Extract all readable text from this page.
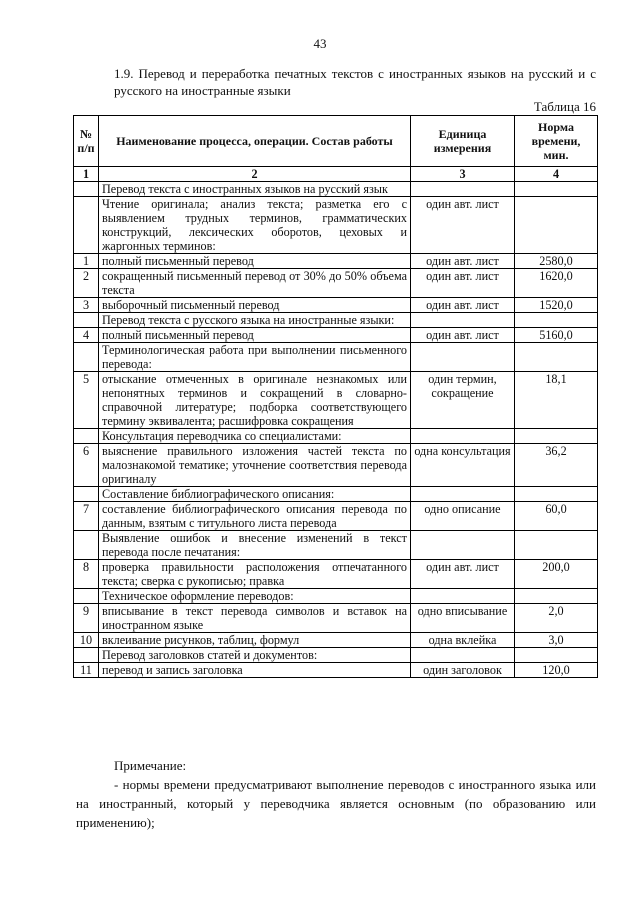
43
1.9. Перевод и переработка печатных текстов с иностранных языков на русский и с русского на иностранные языки
Таблица 16
№ п/п	Наименование процесса, операции. Состав работы	Единица измерения	Норма времени, мин.
1	2	3	4
	Перевод текста с иностранных языков на русский язык		
	Чтение оригинала; анализ текста; разметка его с выявлением трудных терминов, грамматических конструкций, лексических оборотов, цеховых и жаргонных терминов:	один авт. лист	
1	полный письменный перевод	один авт. лист	2580,0
2	сокращенный письменный перевод от 30% до 50% объема текста	один авт. лист	1620,0
3	выборочный письменный перевод	один авт. лист	1520,0
	Перевод текста с русского языка на иностранные языки:		
4	полный письменный перевод	один авт. лист	5160,0
	Терминологическая работа при выполнении письменного перевода:		
5	отыскание отмеченных в оригинале незнакомых или непонятных терминов и сокращений в словарно-справочной литературе; подборка соответствующего термину эквивалента; расшифровка сокращения	один термин, сокращение	18,1
	Консультация переводчика со специалистами:		
6	выяснение правильного изложения частей текста по малознакомой тематике; уточнение соответствия перевода оригиналу	одна консультация	36,2
	Составление библиографического описания:		
7	составление библиографического описания перевода по данным, взятым с титульного листа перевода	одно описание	60,0
	Выявление ошибок и внесение изменений в текст перевода после печатания:		
8	проверка правильности расположения отпечатанного текста; сверка с рукописью; правка	один авт. лист	200,0
	Техническое оформление переводов:		
9	вписывание в текст перевода символов и вставок на иностранном языке	одно вписывание	2,0
10	вклеивание рисунков, таблиц, формул	одна вклейка	3,0
	Перевод заголовков статей и документов:		
11	перевод и запись заголовка	один заголовок	120,0
Примечание:
- нормы времени предусматривают выполнение переводов с иностранного языка или на иностранный, который у переводчика является основным (по образованию или применению);
